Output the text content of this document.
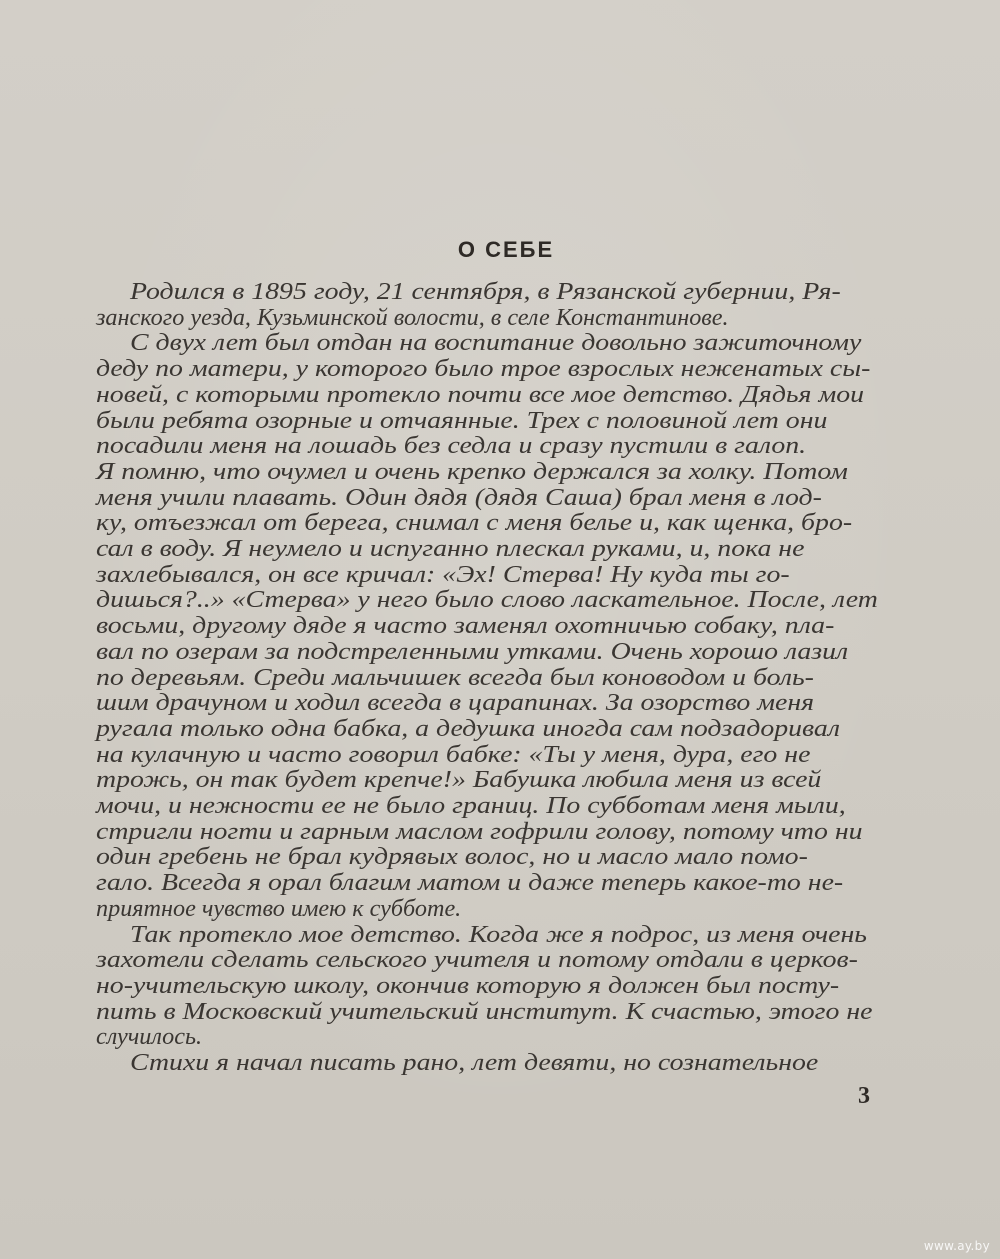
О СЕБЕ
Родился в 1895 году, 21 сентября, в Рязанской губернии, Ря-
занского уезда, Кузьминской волости, в селе Константинове.
С двух лет был отдан на воспитание довольно зажиточному
деду по матери, у которого было трое взрослых неженатых сы-
новей, с которыми протекло почти все мое детство. Дядья мои
были ребята озорные и отчаянные. Трех с половиной лет они
посадили меня на лошадь без седла и сразу пустили в галоп.
Я помню, что очумел и очень крепко держался за холку. Потом
меня учили плавать. Один дядя (дядя Саша) брал меня в лод-
ку, отъезжал от берега, снимал с меня белье и, как щенка, бро-
сал в воду. Я неумело и испуганно плескал руками, и, пока не
захлебывался, он все кричал: «Эх! Стерва! Ну куда ты го-
дишься?..» «Стерва» у него было слово ласкательное. После, лет
восьми, другому дяде я часто заменял охотничью собаку, пла-
вал по озерам за подстреленными утками. Очень хорошо лазил
по деревьям. Среди мальчишек всегда был коноводом и боль-
шим драчуном и ходил всегда в царапинах. За озорство меня
ругала только одна бабка, а дедушка иногда сам подзадоривал
на кулачную и часто говорил бабке: «Ты у меня, дура, его не
трожь, он так будет крепче!» Бабушка любила меня из всей
мочи, и нежности ее не было границ. По субботам меня мыли,
стригли ногти и гарным маслом гофрили голову, потому что ни
один гребень не брал кудрявых волос, но и масло мало помо-
гало. Всегда я орал благим матом и даже теперь какое-то не-
приятное чувство имею к субботе.
Так протекло мое детство. Когда же я подрос, из меня очень
захотели сделать сельского учителя и потому отдали в церков-
но-учительскую школу, окончив которую я должен был посту-
пить в Московский учительский институт. К счастью, этого не
случилось.
Стихи я начал писать рано, лет девяти, но сознательное
3
www.ay.by
